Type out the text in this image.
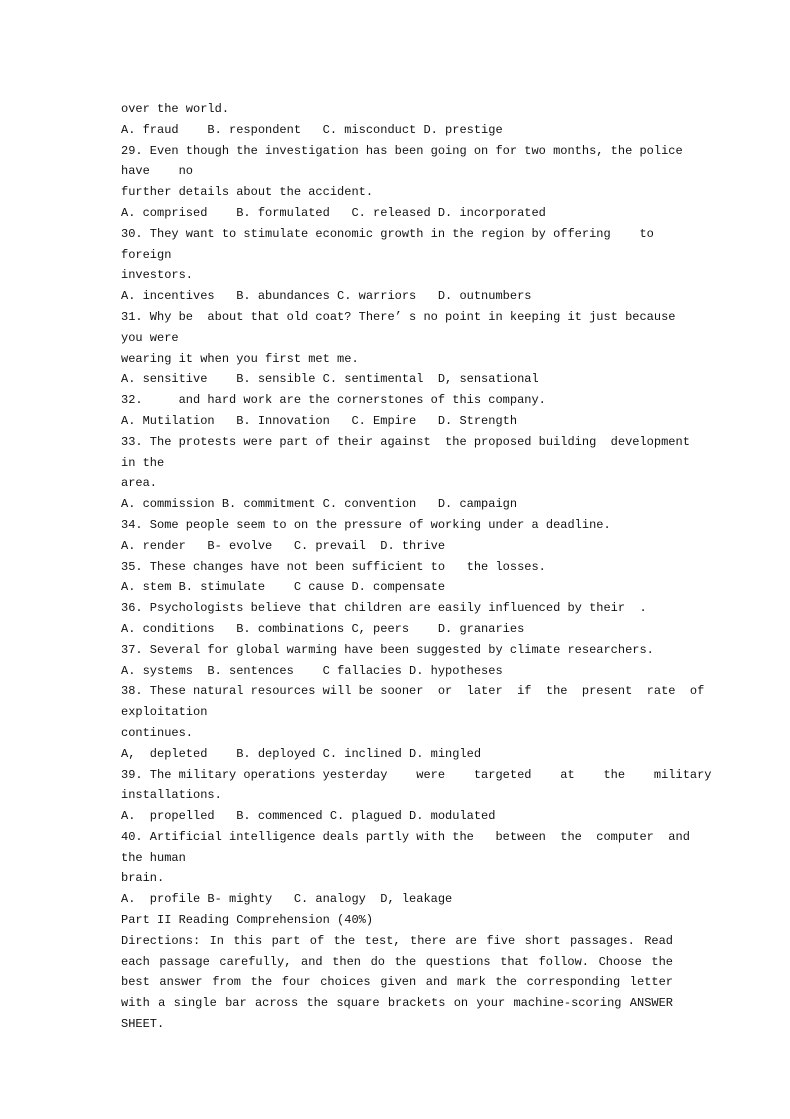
over the world.
A. fraud    B. respondent   C. misconduct D. prestige
29. Even though the investigation has been going on for two months, the police
have    no
further details about the accident.
A. comprised    B. formulated   C. released D. incorporated
30. They want to stimulate economic growth in the region by offering    to
foreign
investors.
A. incentives   B. abundances C. warriors   D. outnumbers
31. Why be  about that old coat? There’ s no point in keeping it just because
you were
wearing it when you first met me.
A. sensitive    B. sensible C. sentimental  D, sensational
32.     and hard work are the cornerstones of this company.
A. Mutilation   B. Innovation   C. Empire   D. Strength
33. The protests were part of their against  the proposed building  development
in the
area.
A. commission B. commitment C. convention   D. campaign
34. Some people seem to on the pressure of working under a deadline.
A. render   B- evolve   C. prevail  D. thrive
35. These changes have not been sufficient to   the losses.
A. stem B. stimulate    C cause D. compensate
36. Psychologists believe that children are easily influenced by their  .
A. conditions   B. combinations C, peers    D. granaries
37. Several for global warming have been suggested by climate researchers.
A. systems  B. sentences    C fallacies D. hypotheses
38. These natural resources will be sooner  or  later  if  the  present  rate  of
exploitation
continues.
A,  depleted    B. deployed C. inclined D. mingled
39. The military operations yesterday    were    targeted    at    the    military
installations.
A.  propelled   B. commenced C. plagued D. modulated
40. Artificial intelligence deals partly with the   between  the  computer  and
the human
brain.
A.  profile B- mighty   C. analogy  D, leakage
Part II Reading Comprehension (40%)
Directions: In this part of the test, there are five short passages. Read each passage carefully, and then do the questions that follow. Choose the best answer from the four choices given and mark the corresponding letter with a single bar across the square brackets on your machine-scoring ANSWER SHEET.
